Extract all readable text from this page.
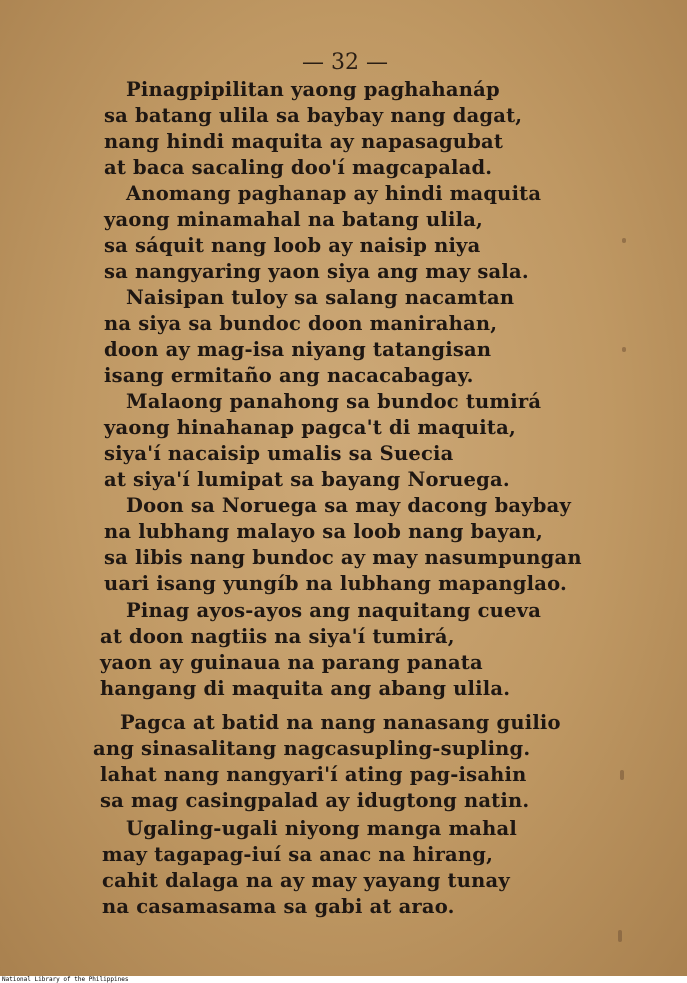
— 32 —
Pinagpipilitan yaong paghahanáp
sa batang ulila sa baybay nang dagat,
nang hindi maquita ay napasagubat
at baca sacaling doo'í magcapalad.
Anomang paghanap ay hindi maquita
yaong minamahal na batang ulila,
sa sáquit nang loob ay naisip niya
sa nangyaring yaon siya ang may sala.
Naisipan tuloy sa salang nacamtan
na siya sa bundoc doon manirahan,
doon ay mag-isa niyang tatangisan
isang ermitaño ang nacacabagay.
Malaong panahong sa bundoc tumirá
yaong hinahanap pagca't di maquita,
siya'í nacaisip umalis sa Suecia
at siya'í lumipat sa bayang Noruega.
Doon sa Noruega sa may dacong baybay
na lubhang malayo sa loob nang bayan,
sa libis nang bundoc ay may nasumpungan
uari isang yungíb na lubhang mapanglao.
Pinag ayos-ayos ang naquitang cueva
at doon nagtiis na siya'í tumirá,
yaon ay guinaua na parang panata
hangang di maquita ang abang ulila.
Pagca at batid na nang nanasang guilio
ang sinasalitang nagcasupling-supling.
lahat nang nangyari'í ating pag-isahin
sa mag casingpalad ay idugtong natin.
Ugaling-ugali niyong manga mahal
may tagapag-iuí sa anac na hirang,
cahit dalaga na ay may yayang tunay
na casamasama sa gabi at arao.
National Library of the Philippines
